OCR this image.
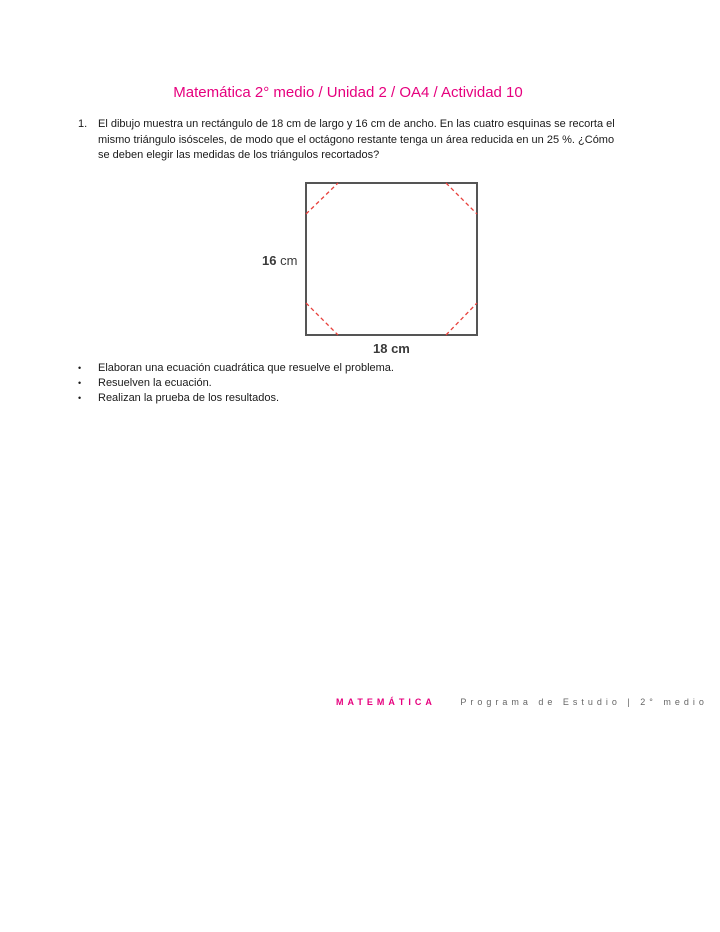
Matemática 2° medio / Unidad 2 / OA4 / Actividad 10
1. El dibujo muestra un rectángulo de 18 cm de largo y 16 cm de ancho. En las cuatro esquinas se recorta el mismo triángulo isósceles, de modo que el octágono restante tenga un área reducida en un 25 %. ¿Cómo se deben elegir las medidas de los triángulos recortados?
16 cm
18 cm
•	Elaboran una ecuación cuadrática que resuelve el problema.
•	Resuelven la ecuación.
•	Realizan la prueba de los resultados.
MATEMÁTICA	Programa de Estudio | 2° medio
